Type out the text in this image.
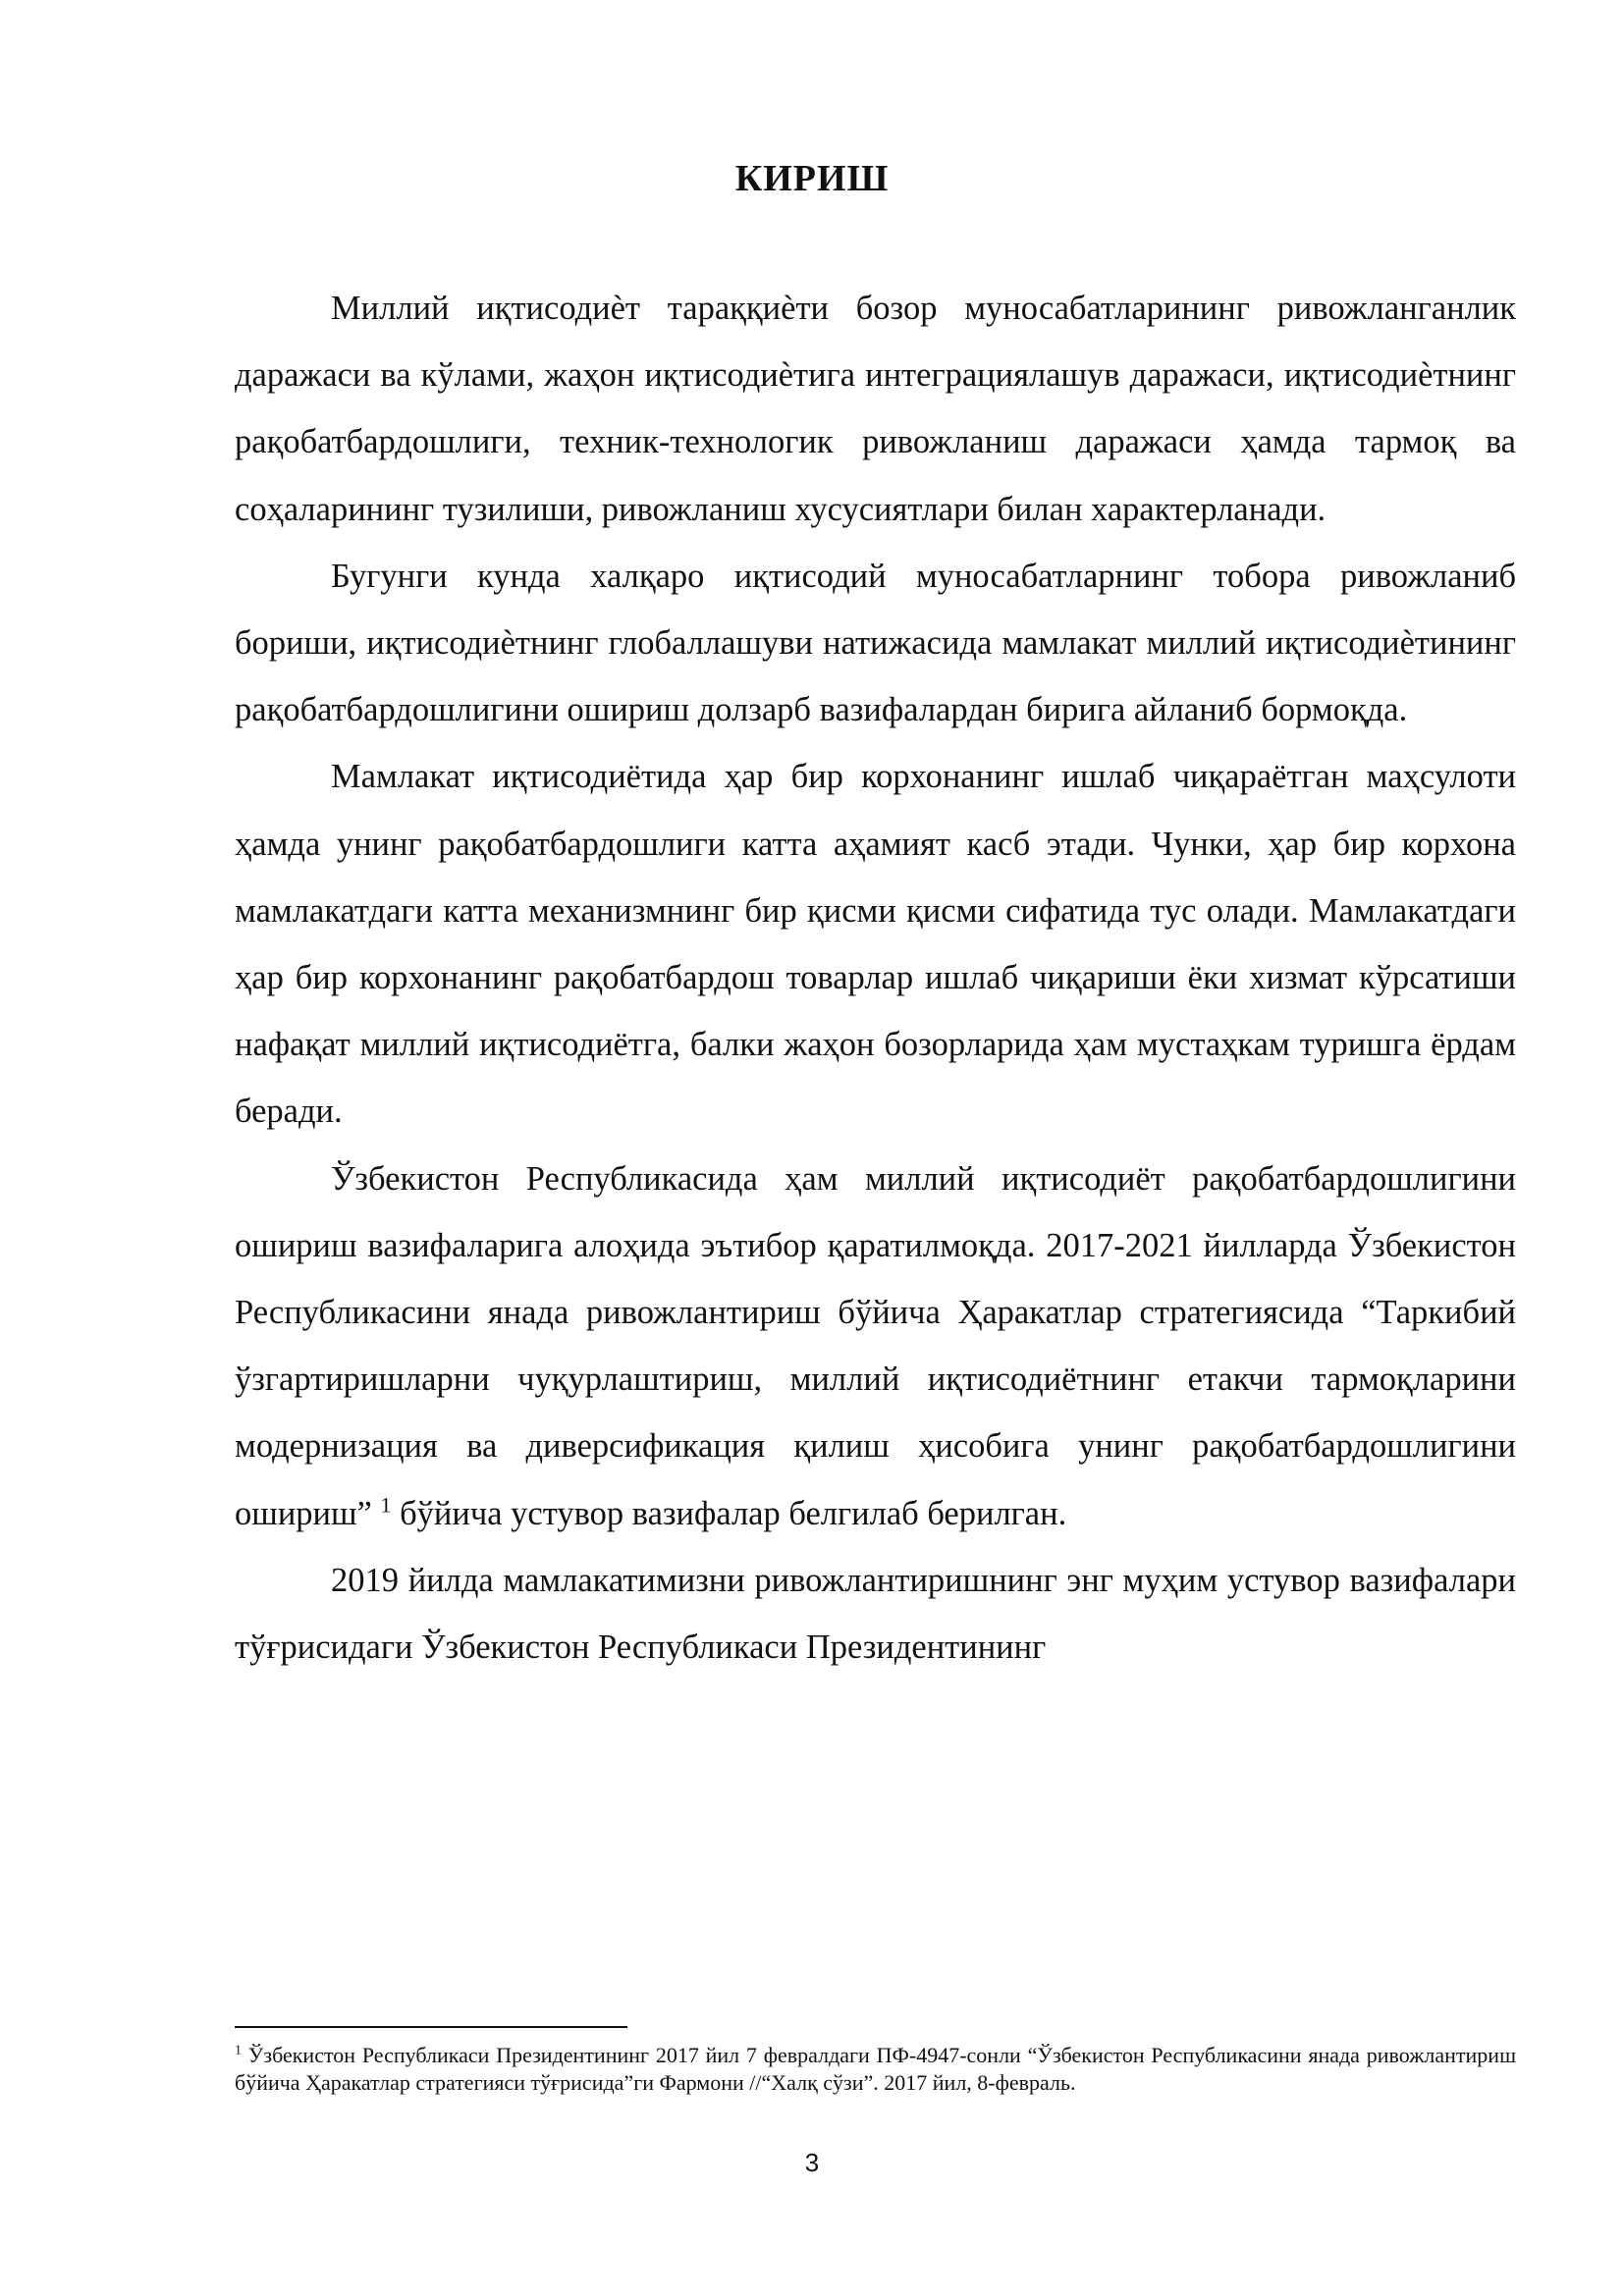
КИРИШ

Миллий иқтисодиѐт тараққиѐти бозор муносабатларининг ривожланганлик даражаси ва кўлами, жаҳон иқтисодиѐтига интеграциялашув даражаси, иқтисодиѐтнинг рақобатбардошлиги, техник-технологик ривожланиш даражаси ҳамда тармоқ ва соҳаларининг тузилиши, ривожланиш хусусиятлари билан характерланади.

Бугунги кунда халқаро иқтисодий муносабатларнинг тобора ривожланиб бориши, иқтисодиѐтнинг глобаллашуви натижасида мамлакат миллий иқтисодиѐтининг рақобатбардошлигини ошириш долзарб вазифалардан бирига айланиб бормоқда.

Мамлакат иқтисодиётида ҳар бир корхонанинг ишлаб чиқараётган маҳсулоти ҳамда унинг рақобатбардошлиги катта аҳамият касб этади. Чунки, ҳар бир корхона мамлакатдаги катта механизмнинг бир қисми қисми сифатида тус олади. Мамлакатдаги ҳар бир корхонанинг рақобатбардош товарлар ишлаб чиқариши ёки хизмат кўрсатиши нафақат миллий иқтисодиётга, балки жаҳон бозорларида ҳам мустаҳкам туришга ёрдам беради.

Ўзбекистон Республикасида ҳам миллий иқтисодиёт рақобатбардошлигини ошириш вазифаларига алоҳида эътибор қаратилмоқда. 2017-2021 йилларда Ўзбекистон Республикасини янада ривожлантириш бўйича Ҳаракатлар стратегиясида “Таркибий ўзгартиришларни чуқурлаштириш, миллий иқтисодиётнинг етакчи тармоқларини модернизация ва диверсификация қилиш ҳисобига унинг рақобатбардошлигини ошириш” $^1$ бўйича устувор вазифалар белгилаб берилган.

2019 йилда мамлакатимизни ривожлантиришнинг энг муҳим устувор вазифалари тўғрисидаги Ўзбекистон Республикаси Президентининг

$^1$ Ўзбекистон Республикаси Президентининг 2017 йил 7 февралдаги ПФ-4947-сонли “Ўзбекистон Республикасини янада ривожлантириш бўйича Ҳаракатлар стратегияси тўғрисида”ги Фармони //“Халқ сўзи”. 2017 йил, 8-февраль.

3
